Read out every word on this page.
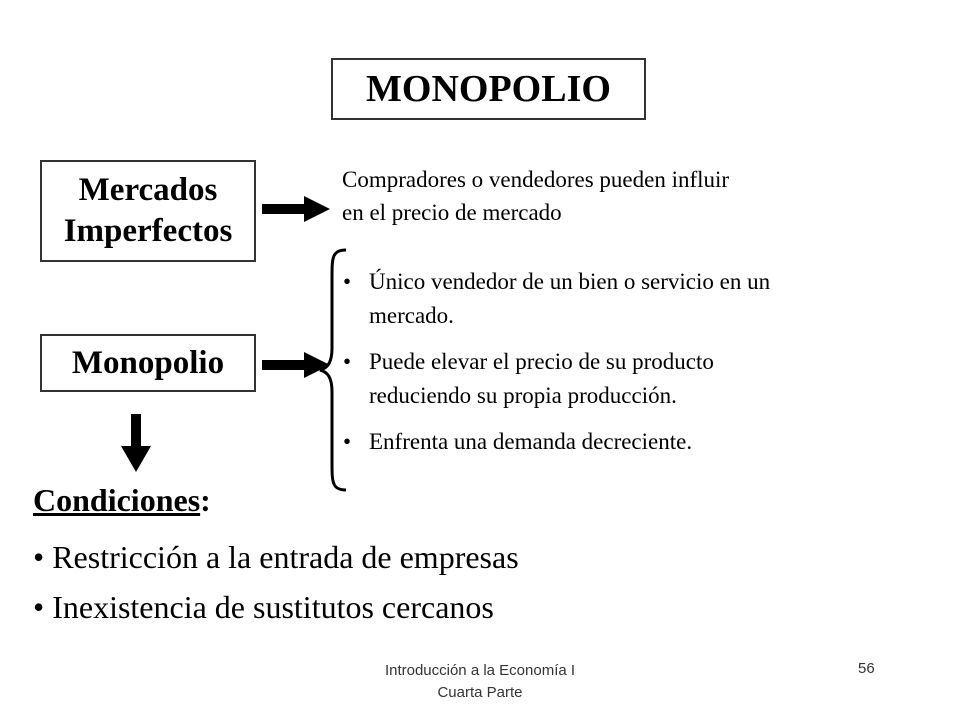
MONOPOLIO
Mercados
Imperfectos
Compradores o vendedores pueden influir
en el precio de mercado
Monopolio
• Único vendedor de un bien o servicio en un
mercado.
• Puede elevar el precio de su producto
reduciendo su propia producción.
• Enfrenta una demanda decreciente.
Condiciones:
• Restricción a la entrada de empresas
• Inexistencia de sustitutos cercanos
Introducción a la Economía I
Cuarta Parte
56
